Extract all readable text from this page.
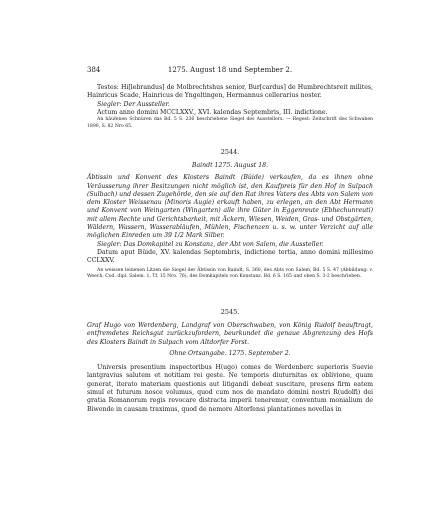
384	1275. August 18 und September 2.

Testes: Hi[lebrandus] de Molbrechtshus senior, Bur[cardus] de Humbrechtsreit milites, Hainricus Scade, Hainricus de Yngeltingen, Hermannus cellerarius noster.

Siegler: Der Aussteller.

Actum anno domini MCCLXXV., XVI. kalendas Septembris, III. indictione.

An häufenen Schnüren das Bd. 5 S. 236 beschriebene Siegel des Ausstellers. — Regest: Zeitschrift des Schwaben 1890, S. 82 Nro 65.

2544.

Baindt 1275. August 18.

Äbtissin und Konvent des Klosters Baindt (Bûide) verkaufen, da es ihnen ohne Veräusserung ihrer Besitzungen nicht möglich ist, den Kaufpreis für den Hof in Sulpach (Sulbach) und dessen Zugehörde, den sie auf den Rat ihres Vaters des Abts von Salem von dem Kloster Weissenau (Minoris Augie) erkauft haben, zu erlegen, an den Abt Hermann und Konvent von Weingarten (Wingarten) alle ihre Güter in Eggenreute (Ebhechunreuti) mit allem Rechte und Gerichtsbarkeit, mit Äckern, Wiesen, Weiden, Gras- und Obstgärten, Wäldern, Wassern, Wasserabläufen, Mühlen, Fischenzen u. s. w. unter Verzicht auf alle möglichen Einreden um 39 1/2 Mark Silber.

Siegler: Das Domkapitel zu Konstanz, der Abt von Salem, die Aussteller.

Datum aput Bûide, XV. kalendas Septembris, indictione tertia, anno domini millesimo CCLXXV.

An weissen leinenen Litzen die Siegel der Äbtissin von Baindt, S. 360, des Abts von Salem, Bd. 5 S. 47 (Abbildung: v. Weech, Cod. dipl. Salem. 1, Tf. 15 Nro. 76), des Domkapitels von Konstanz, Bd. 6 S. 165 und oben S. 3-2 beschrieben.

2545.

Graf Hugo von Werdenberg, Landgraf von Oberschwaben, von König Rudolf beauftragt, entfremdetes Reichsgut zurückzufordern, beurkundet die genaue Abgrenzung des Hofs des Klosters Baindt in Sulpach vom Altdorfer Forst.

Ohne Ortsangabe. 1275. September 2.

Universis presentium inspectoribus H(ugo) comes de Werdenberc superioris Suevie lantgravius salutem et notitiam rei geste. Ne temporis diuturnitas ex oblivione, quam generat, iterato materiam questionis aut litigandi debeat suscitare, presens firm eatem simul et futurum nosce volumus, quod cum nos de mandato domini nostri R(udolfi) dei gratia Romanorum regis revocare distracta imperii teneremur, conventum monialium de Biwende in causam traximus, quod de nemore Altorfensi plantationes novellas in
